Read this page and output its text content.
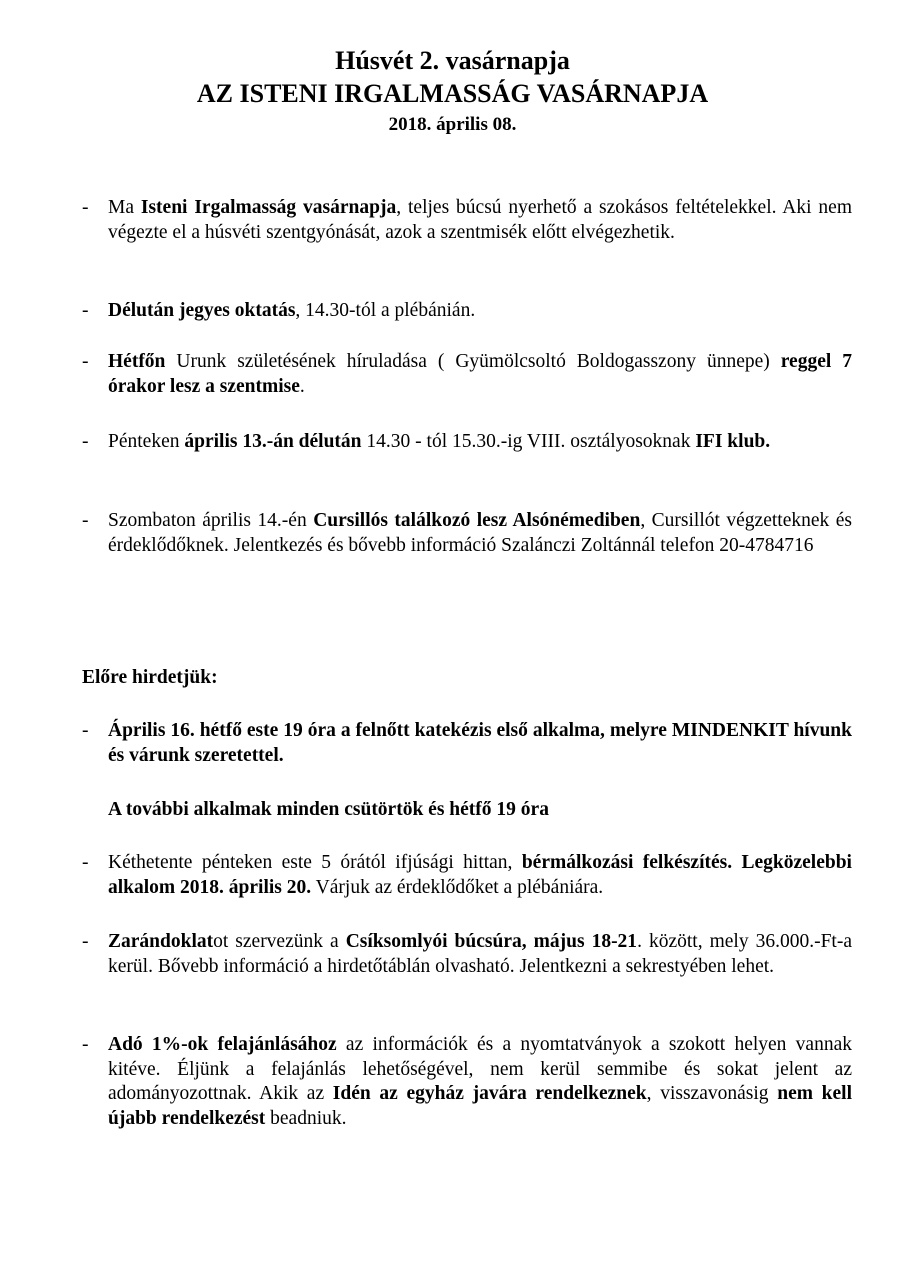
Húsvét 2. vasárnapja
AZ ISTENI IRGALMASSÁG VASÁRNAPJA
2018. április 08.
- Ma Isteni Irgalmasság vasárnapja, teljes búcsú nyerhető a szokásos feltételekkel. Aki nem végezte el a húsvéti szentgyónását, azok a szentmisék előtt elvégezhetik.

- Délután jegyes oktatás, 14.30-tól a plébánián.

- Hétfőn Urunk születésének híruladása ( Gyümölcsoltó Boldogasszony ünnepe) reggel 7 órakor lesz a szentmise.

- Pénteken április 13.-án délután 14.30 - tól 15.30.-ig VIII. osztályosoknak IFI klub.

- Szombaton április 14.-én Cursillós találkozó lesz Alsónémediben, Cursillót végzetteknek és érdeklődőknek. Jelentkezés és bővebb információ Szalánczi Zoltánnál telefon 20-4784716

Előre hirdetjük:
- Április 16. hétfő este 19 óra a felnőtt katekézis első alkalma, melyre MINDENKIT hívunk és várunk szeretettel.

A további alkalmak minden csütörtök és hétfő 19 óra
- Kéthetente pénteken este 5 órától ifjúsági hittan, bérmálkozási felkészítés. Legközelebbi alkalom 2018. április 20. Várjuk az érdeklődőket a plébániára.

- Zarándoklatot szervezünk a Csíksomlyói búcsúra, május 18-21. között, mely 36.000.-Ft-a kerül. Bővebb információ a hirdetőtáblán olvasható. Jelentkezni a sekrestyében lehet.

- Adó 1%-ok felajánlásához az információk és a nyomtatványok a szokott helyen vannak kitéve. Éljünk a felajánlás lehetőségével, nem kerül semmibe és sokat jelent az adományozottnak. Akik az Idén az egyház javára rendelkeznek, visszavonásig nem kell újabb rendelkezést beadniuk.
